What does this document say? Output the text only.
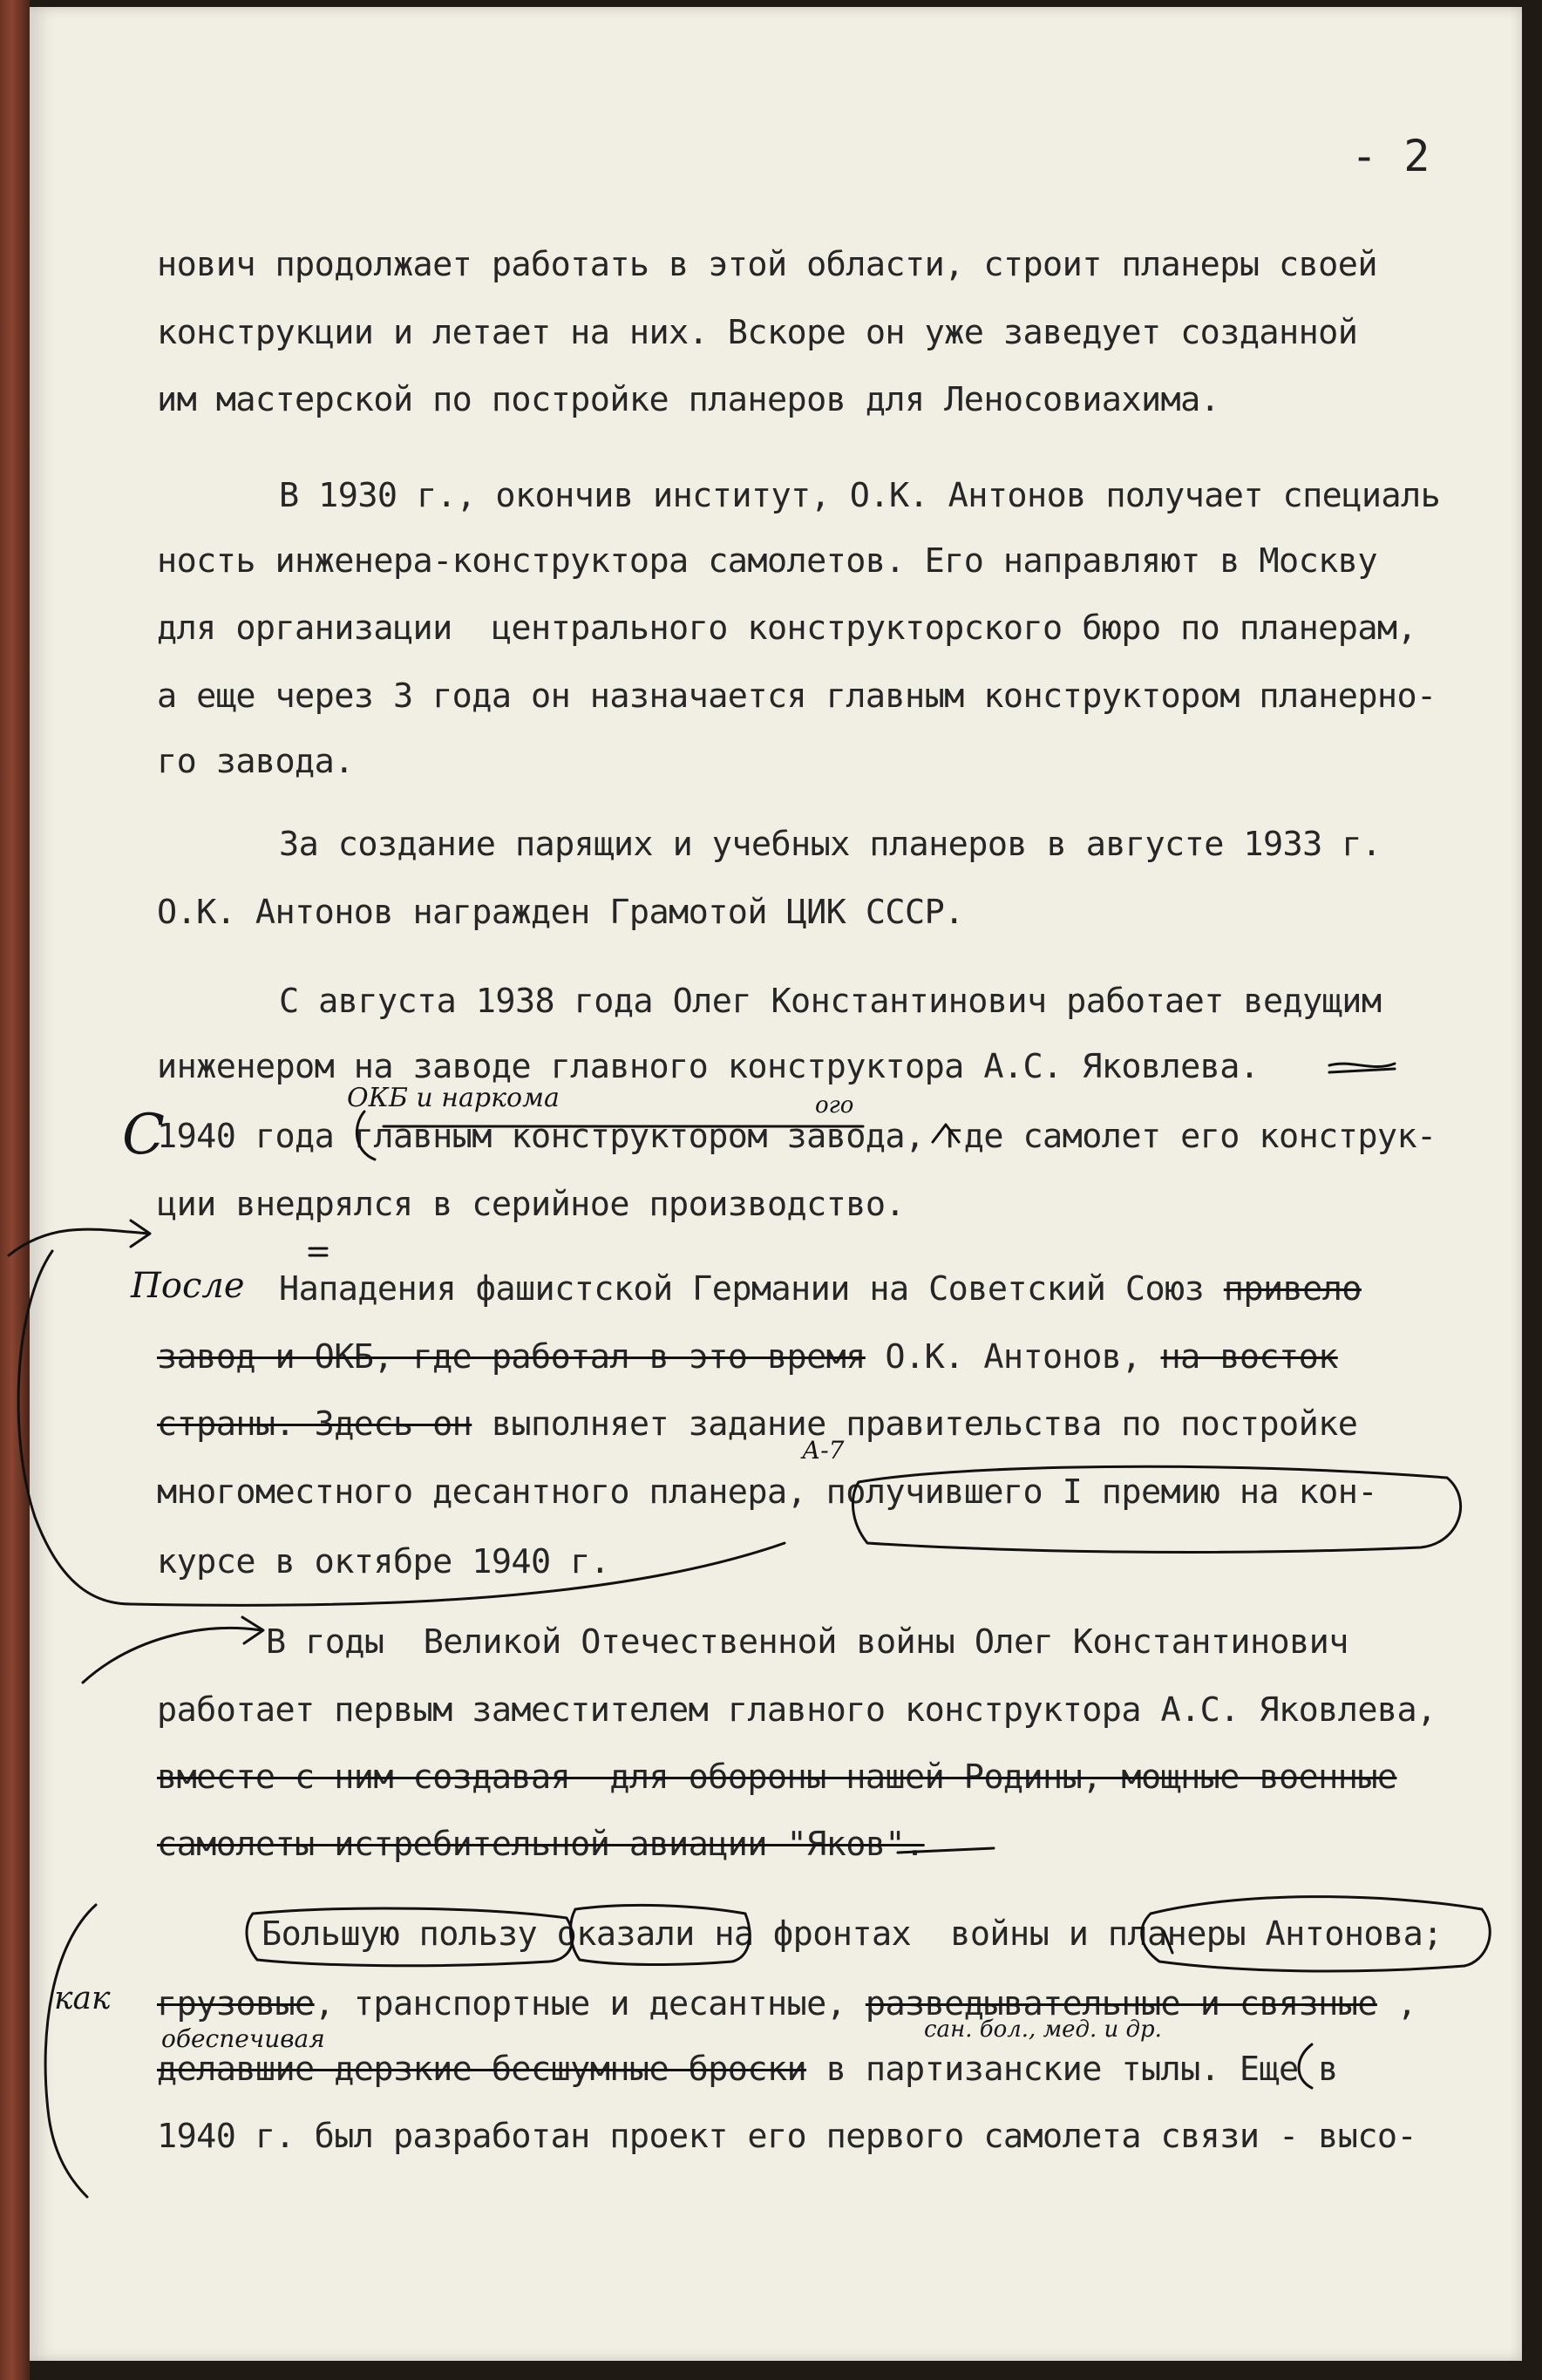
- 2
нович продолжает работать в этой области, строит планеры своей
конструкции и летает на них. Вскоре он уже заведует созданной
им мастерской по постройке планеров для Леносовиахима.
В 1930 г., окончив институт, О.К. Антонов получает специаль
ность инженера-конструктора самолетов. Его направляют в Москву
для организации  центрального конструкторского бюро по планерам,
а еще через 3 года он назначается главным конструктором планерно-
го завода.
За создание парящих и учебных планеров в августе 1933 г.
О.К. Антонов награжден Грамотой ЦИК СССР.
С августа 1938 года Олег Константинович работает ведущим
инженером на заводе главного конструктора А.С. Яковлева.
1940 года главным конструктором завода, где самолет его конструк-
ции внедрялся в серийное производство.
Нападения фашистской Германии на Советский Союз привело
завод и ОКБ, где работал в это время О.К. Антонов, на восток
страны. Здесь он выполняет задание правительства по постройке
многоместного десантного планера, получившего I премию на кон-
курсе в октябре 1940 г.
В годы  Великой Отечественной войны Олег Константинович
работает первым заместителем главного конструктора А.С. Яковлева,
вместе с ним создавая  для обороны нашей Родины, мощные военные
самолеты истребительной авиации "Яков".
Большую пользу оказали на фронтах  войны и планеры Антонова;
грузовые, транспортные и десантные, разведывательные и связные ,
делавшие дерзкие бесшумные броски в партизанские тылы. Еще в
1940 г. был разработан проект его первого самолета связи - высо-
С
ОКБ и наркома	ого
После
А-7
как
обеспечивая	сан. бол., мед. и др.
